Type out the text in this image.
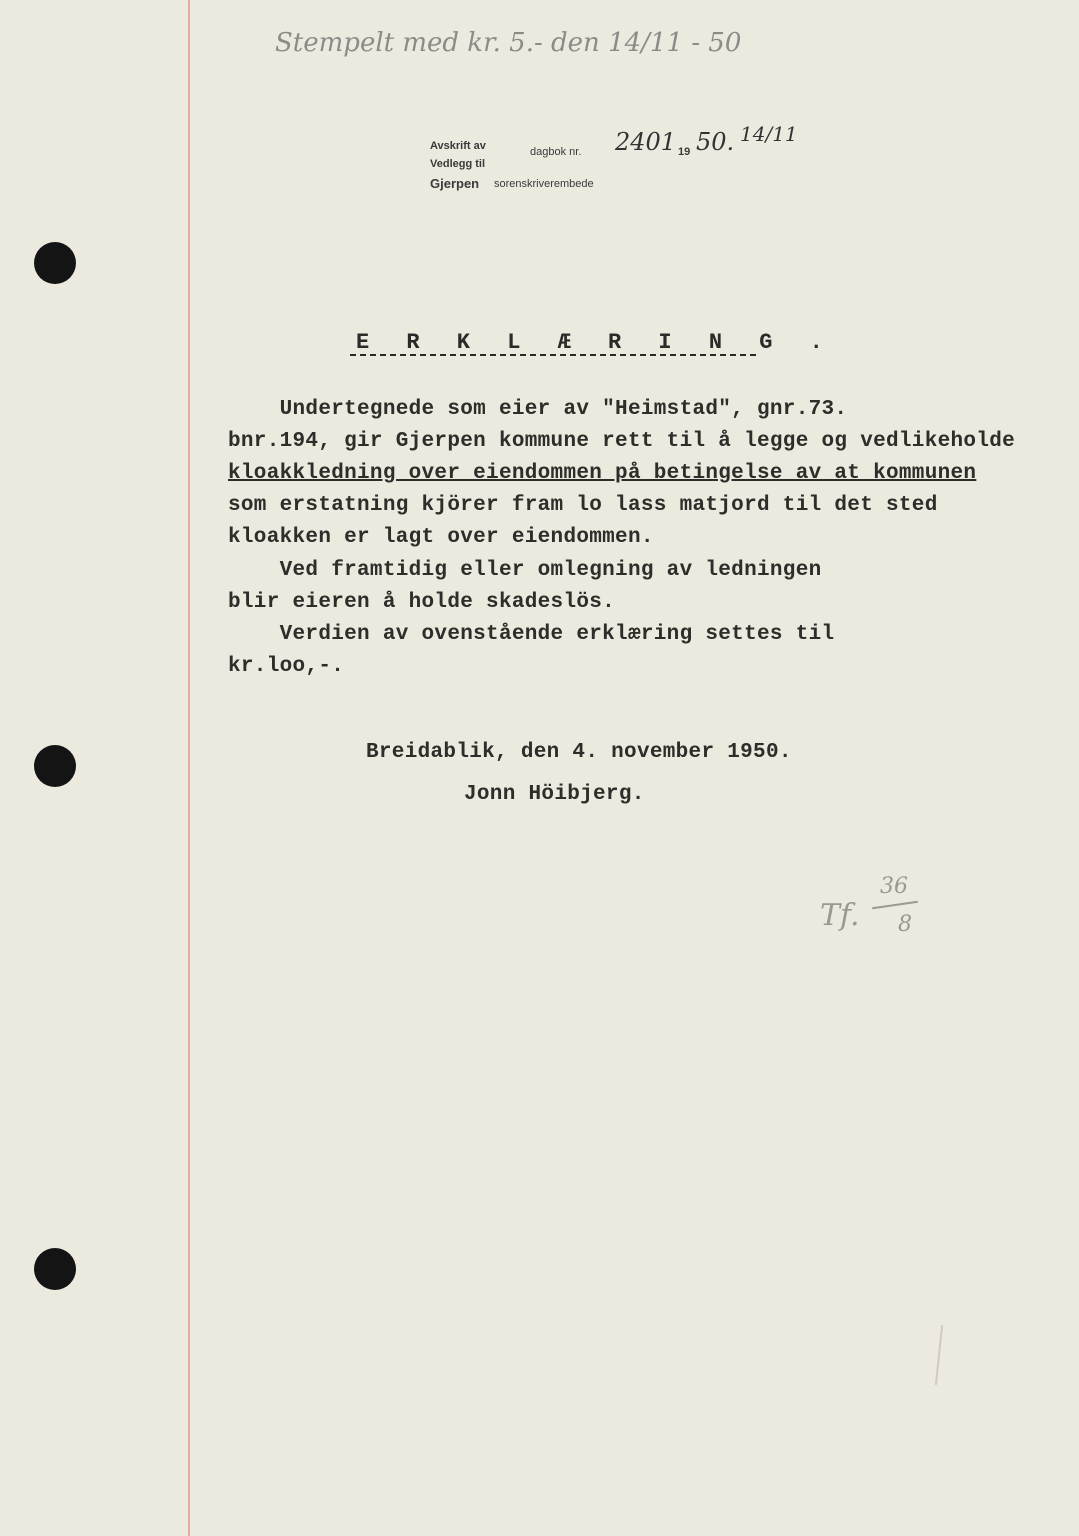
Stempelt med kr. 5.- den 14/11 - 50
Avskrift av	dagbok nr. 2401 19 50. 14/11
Vedlegg til
Gjerpen sorenskriverembede
E R K L Æ R I N G .
Undertegnede som eier av "Heimstad", gnr.73.
bnr.194, gir Gjerpen kommune rett til å legge og vedlikeholde
kloakkledning over eiendommen på betingelse av at kommunen
som erstatning kjörer fram lo lass matjord til det sted
kloakken er lagt over eiendommen.
Ved framtidig eller omlegning av ledningen
blir eieren å holde skadeslös.
Verdien av ovenstående erklæring settes til
kr.loo,-.
Breidablik, den 4. november 1950.
Jonn Höibjerg.
Tf.
36
8
